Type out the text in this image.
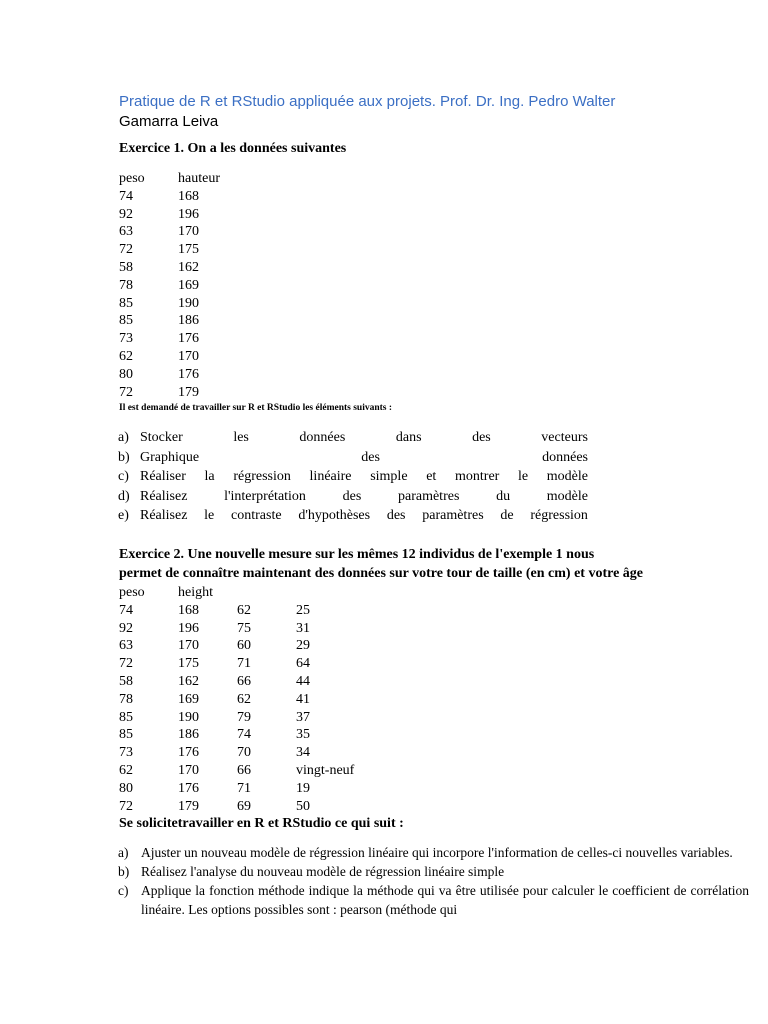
Pratique de R et RStudio appliquée aux projets. Prof. Dr. Ing. Pedro Walter
Gamarra Leiva
Exercice 1. On a les données suivantes
peso hauteur
74	168
92	196
63	170
72	175
58	162
78	169
85	190
85	186
73	176
62	170
80	176
72	179
Il est demandé de travailler sur R et RStudio les éléments suivants :
a) Stocker	les	données	dans	des	vecteurs
b) Graphique	des	données
c) Réaliser la régression linéaire simple et montrer le modèle
d) Réalisez	l'interprétation	des	paramètres	du	modèle
e) Réalisez le contraste d'hypothèses des paramètres de régression
Exercice 2. Une nouvelle mesure sur les mêmes 12 individus de l'exemple 1 nous
permet de connaître maintenant des données sur votre tour de taille (en cm) et votre âge
peso height
74	168	62	25
92	196	75	31
63	170	60	29
72	175	71	64
58	162	66	44
78	169	62	41
85	190	79	37
85	186	74	35
73	176	70	34
62	170	66	vingt-neuf
80	176	71	19
72	179	69	50
Se solicitetravailler en R et RStudio ce qui suit :
a) Ajuster un nouveau modèle de régression linéaire qui incorpore l'information de celles-ci nouvelles variables.
b) Réalisez l'analyse du nouveau modèle de régression linéaire simple
c) Applique la fonction méthode indique la méthode qui va être utilisée pour calculer le coefficient de corrélation linéaire. Les options possibles sont : pearson (méthode qui
